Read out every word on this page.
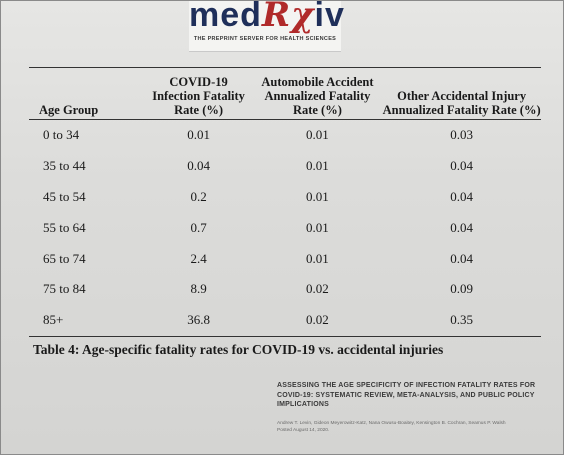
medRχiv
THE PREPRINT SERVER FOR HEALTH SCIENCES
Age Group	COVID-19 Infection Fatality Rate (%)	Automobile Accident Annualized Fatality Rate (%)	Other Accidental Injury Annualized Fatality Rate (%)
0 to 34	0.01	0.01	0.03
35 to 44	0.04	0.01	0.04
45 to 54	0.2	0.01	0.04
55 to 64	0.7	0.01	0.04
65 to 74	2.4	0.01	0.04
75 to 84	8.9	0.02	0.09
85+	36.8	0.02	0.35
Table 4: Age-specific fatality rates for COVID-19 vs. accidental injuries
ASSESSING THE AGE SPECIFICITY OF INFECTION FATALITY RATES FOR COVID-19: SYSTEMATIC REVIEW, META-ANALYSIS, AND PUBLIC POLICY IMPLICATIONS
Andrew T. Levin, Gideon Meyerowitz-Katz, Nana Owusu-Boaitey, Kensington B. Cochran, Seamus P. Walsh
Posted August 14, 2020.
